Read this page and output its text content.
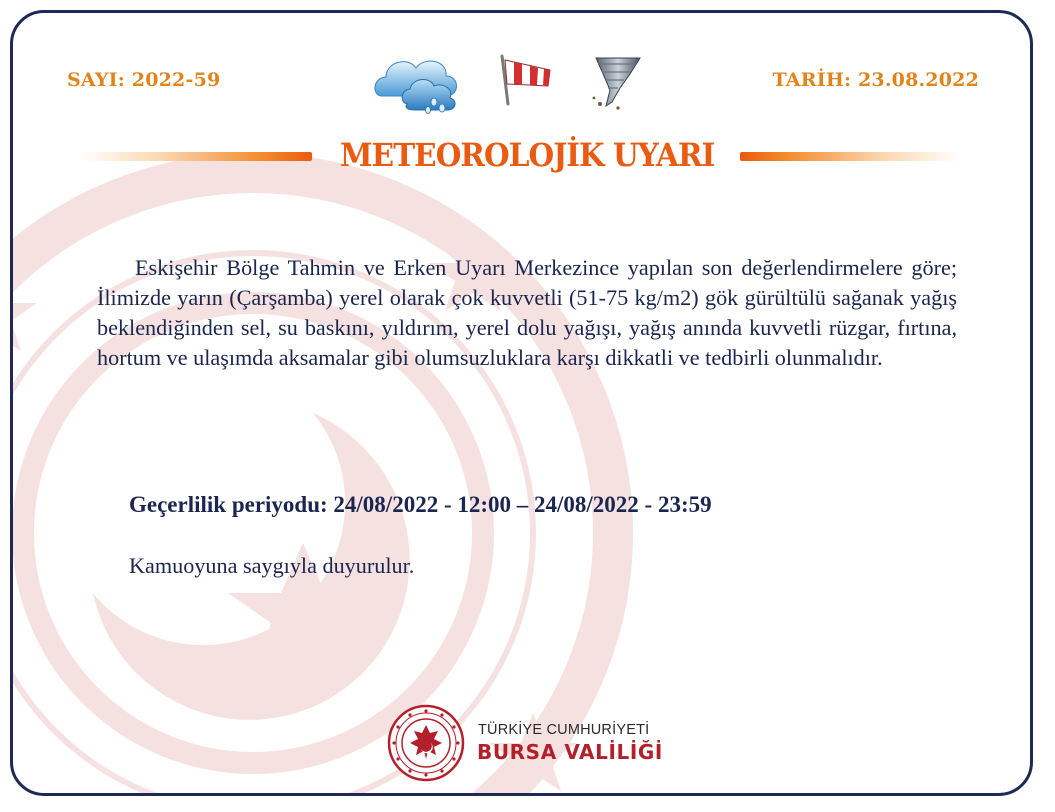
SAYI: 2022-59	TARİH: 23.08.2022
METEOROLOJİK UYARI

Eskişehir Bölge Tahmin ve Erken Uyarı Merkezince yapılan son değerlendirmelere göre; İlimizde yarın (Çarşamba) yerel olarak çok kuvvetli (51-75 kg/m2) gök gürültülü sağanak yağış beklendiğinden sel, su baskını, yıldırım, yerel dolu yağışı, yağış anında kuvvetli rüzgar, fırtına, hortum ve ulaşımda aksamalar gibi olumsuzluklara karşı dikkatli ve tedbirli olunmalıdır.

Geçerlilik periyodu: 24/08/2022 - 12:00 – 24/08/2022 - 23:59
Kamuoyuna saygıyla duyurulur.
TÜRKİYE CUMHURİYETİ
BURSA VALİLİĞİ
